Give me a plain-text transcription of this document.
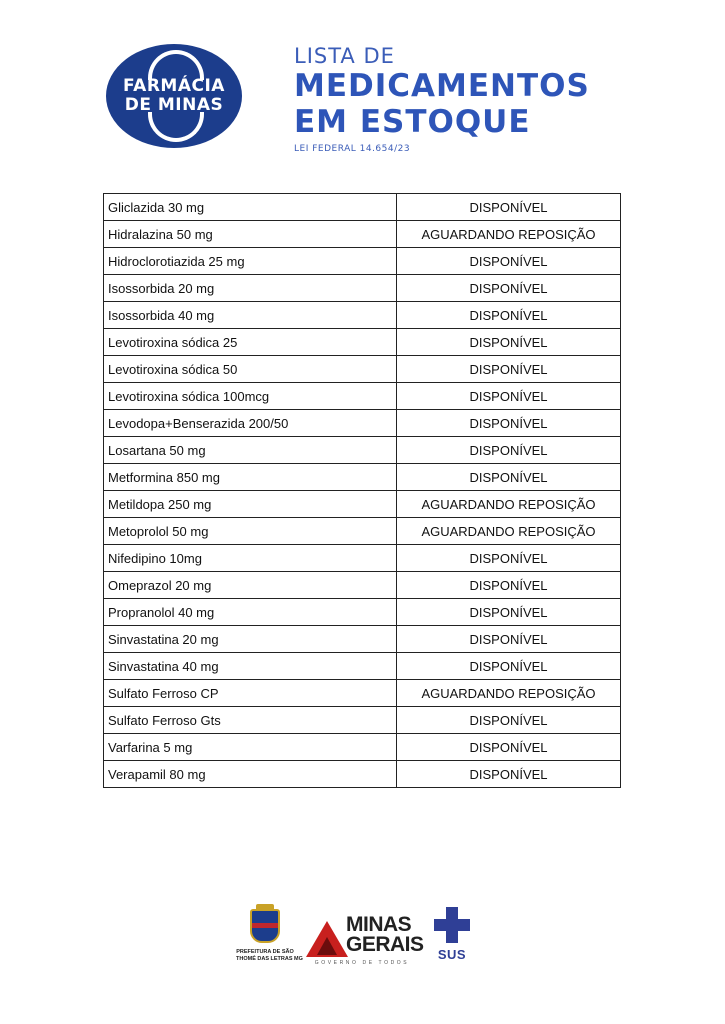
FARMÁCIA
DE MINAS
LISTA DE
MEDICAMENTOS
EM ESTOQUE
LEI FEDERAL 14.654/23
Gliclazida 30 mg	DISPONÍVEL
Hidralazina 50 mg	AGUARDANDO REPOSIÇÃO
Hidroclorotiazida 25 mg	DISPONÍVEL
Isossorbida 20 mg	DISPONÍVEL
Isossorbida 40 mg	DISPONÍVEL
Levotiroxina sódica 25	DISPONÍVEL
Levotiroxina sódica 50	DISPONÍVEL
Levotiroxina sódica 100mcg	DISPONÍVEL
Levodopa+Benserazida 200/50	DISPONÍVEL
Losartana 50 mg	DISPONÍVEL
Metformina 850 mg	DISPONÍVEL
Metildopa 250 mg	AGUARDANDO REPOSIÇÃO
Metoprolol 50 mg	AGUARDANDO REPOSIÇÃO
Nifedipino 10mg	DISPONÍVEL
Omeprazol 20 mg	DISPONÍVEL
Propranolol 40 mg	DISPONÍVEL
Sinvastatina 20 mg	DISPONÍVEL
Sinvastatina 40 mg	DISPONÍVEL
Sulfato Ferroso CP	AGUARDANDO REPOSIÇÃO
Sulfato Ferroso Gts	DISPONÍVEL
Varfarina 5 mg	DISPONÍVEL
Verapamil 80 mg	DISPONÍVEL
PREFEITURA DE SÃO
THOMÉ DAS LETRAS MG
MINAS
GERAIS
GOVERNO DE TODOS
SUS
